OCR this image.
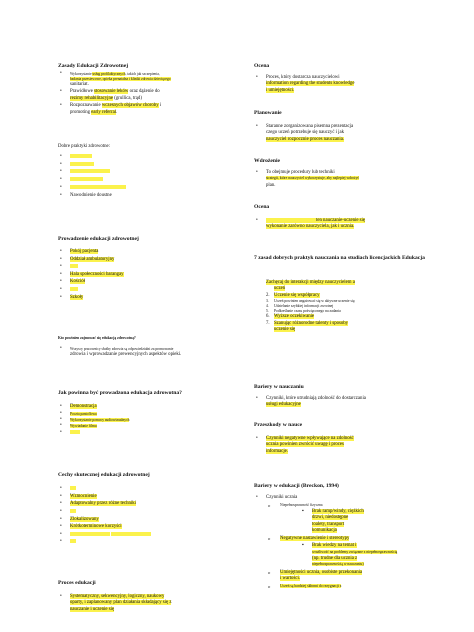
Zasady Edukacji Zdrowotnej
• Wykorzystanie usług profilaktycznych, takich jak szczepienia,
badania przesiewowe, opieka prenatalna i kliniki zdrowia dziecięcego
sanitariat.
• Prawidłowe stosowanie leków oraz dążenie do
rezimy rehabilitacyjne (grullica, trąd)
• Rozpoznawanie wczesnych objawów choroby i
promoting early referral.
Dobre praktyki zdrowotne:
•
•
•
•
•
• Nawodnienie doustne
Prowadzenie edukacji zdrowotnej
• Pokój pacjenta
• Oddział ambulatoryjny
•
• Hala społeczności barangay
• Kościół
•
• Szkoły
Kto powinien zajmować się edukacją zdrowotną?
• Wszyscy pracownicy służby zdrowia są odpowiedzialni za promowanie
zdrowia i wprowadzanie prewencyjnych aspektów opieki.
Jak powinna być prowadzona edukacja zdrowotna?
• Demonstracja
• Poczta pantoflowa
• Wykorzystanie pomocy audiowizualnych
• Wywiadanie filmu
•
Cechy skutecznej edukacji zdrowotnej
•
• Wzmocnienie
• Adaptowalny przez różne techniki
•
• Zlokalizowany
• Krótkoterminowe korzyści
•
•
Proces edukacji
• Systematyczny, sekwencyjny, logiczny, naukowy
oparty, i zaplanowany plan działania składający się z
nauczanie i uczenie się
Ocena
• Proces, który dostarcza nauczycielowi
information regarding the students knowledge
i umiejętności.
Planowanie
• Staranne zorganizowana pisemna prezentacja
czego uczeń potrzebuje się nauczyć i jak
nauczyciel rozpocznie proces nauczania.
Wdrożenie
• To obejmuje procedury lub techniki
strategii, które nauczyciel wykorzystuje, aby najlepiej wdrożyć
plan.
Ocena
• ten nauczanie-uczenie się
wykonanie zarówno nauczyciela, jak i ucznia.
7 zasad dobrych praktyk nauczania na studiach licencjackich Edukacja
Zachęcaj do interakcji między nauczycielem a
uczeń
2. Uczenie się współpracy
3. Uczeń powinien angażować się w aktywne uczenie się
4. Udzielanie szybkiej informacji zwrotnej
5. Podkreślanie czasu poświęconego na zadania
6. Wyższe oczekiwanie
7. Szanując różnorodne talenty i sposoby
uczenie się
Bariery w nauczaniu
• Czynniki, które utrudniają zdolność do dostarczania
usługi edukacyjne
Przeszkody w nauce
• Czynniki negatywne wpływające na zdolność
ucznia powinien zwrócić uwagę i proces
informacje.
Bariery w edukacji (Breckon, 1994)
• Czynniki ucznia
o Niepełnosprawność fizyczna
▪ Brak ramp/windy, ciężkich
drzwi, niedostępne
toalety, transport
komunikacja
o Negatywne nastawienie i stereotypy
▪ Brak wiedzy na temat i
wrażliwość na problemy związane z niepełnosprawnością
(np. trudne dla ucznia z
niepełnosprawnością w nauczaniu)
o Umiejętności ucznia, osobiste przekonania
i wartości.
o Uczeń są bardziej skłonni do rezygnacji z
